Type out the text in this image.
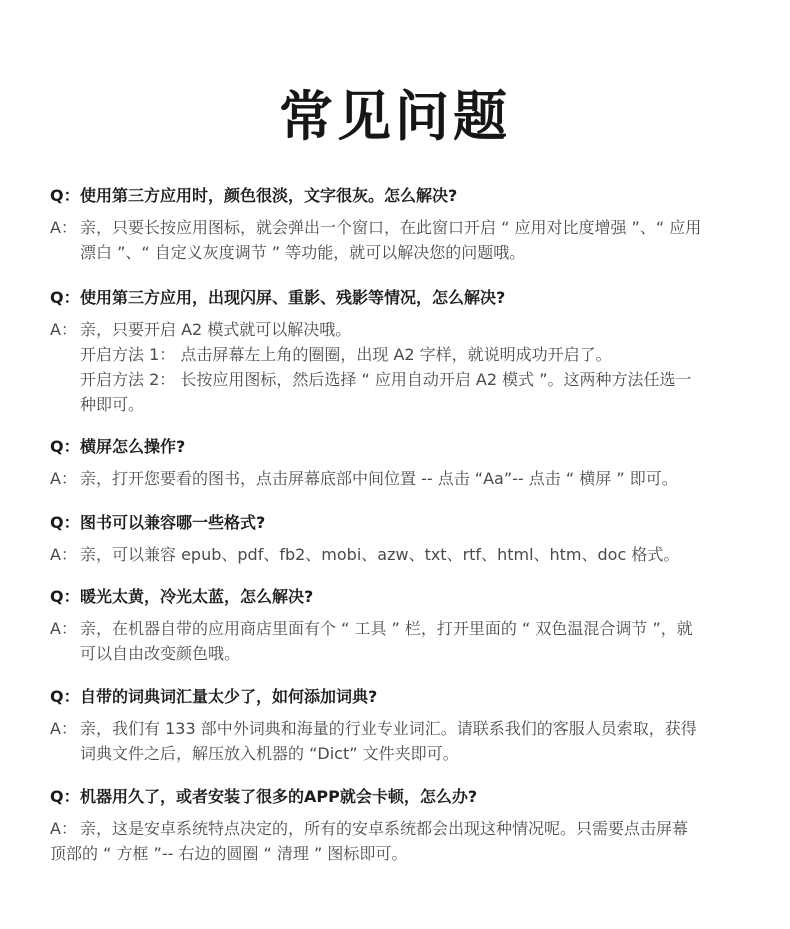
常见问题
Q： 使用第三方应用时，颜色很淡，文字很灰。怎么解决?
A： 亲，只要长按应用图标，就会弹出一个窗口，在此窗口开启 “ 应用对比度增强 ”、“ 应用
漂白 ”、“ 自定义灰度调节 ” 等功能，就可以解决您的问题哦。
Q： 使用第三方应用，出现闪屏、重影、残影等情况，怎么解决?
A： 亲，只要开启 A2 模式就可以解决哦。
开启方法 1： 点击屏幕左上角的圈圈，出现 A2 字样，就说明成功开启了。
开启方法 2： 长按应用图标，然后选择 “ 应用自动开启 A2 模式 ”。这两种方法任选一
种即可。
Q： 横屏怎么操作?
A： 亲，打开您要看的图书，点击屏幕底部中间位置 -- 点击 “Aa”-- 点击 “ 横屏 ” 即可。
Q： 图书可以兼容哪一些格式?
A： 亲，可以兼容 epub、pdf、fb2、mobi、azw、txt、rtf、html、htm、doc 格式。
Q： 暖光太黄，冷光太蓝，怎么解决?
A： 亲，在机器自带的应用商店里面有个 “ 工具 ” 栏，打开里面的 “ 双色温混合调节 ”，就
可以自由改变颜色哦。
Q： 自带的词典词汇量太少了，如何添加词典?
A： 亲，我们有 133 部中外词典和海量的行业专业词汇。请联系我们的客服人员索取，获得
词典文件之后，解压放入机器的 “Dict” 文件夹即可。
Q： 机器用久了，或者安装了很多的APP就会卡顿，怎么办?
A： 亲，这是安卓系统特点决定的，所有的安卓系统都会出现这种情况呢。只需要点击屏幕
顶部的 “ 方框 ”-- 右边的圆圈 “ 清理 ” 图标即可。
